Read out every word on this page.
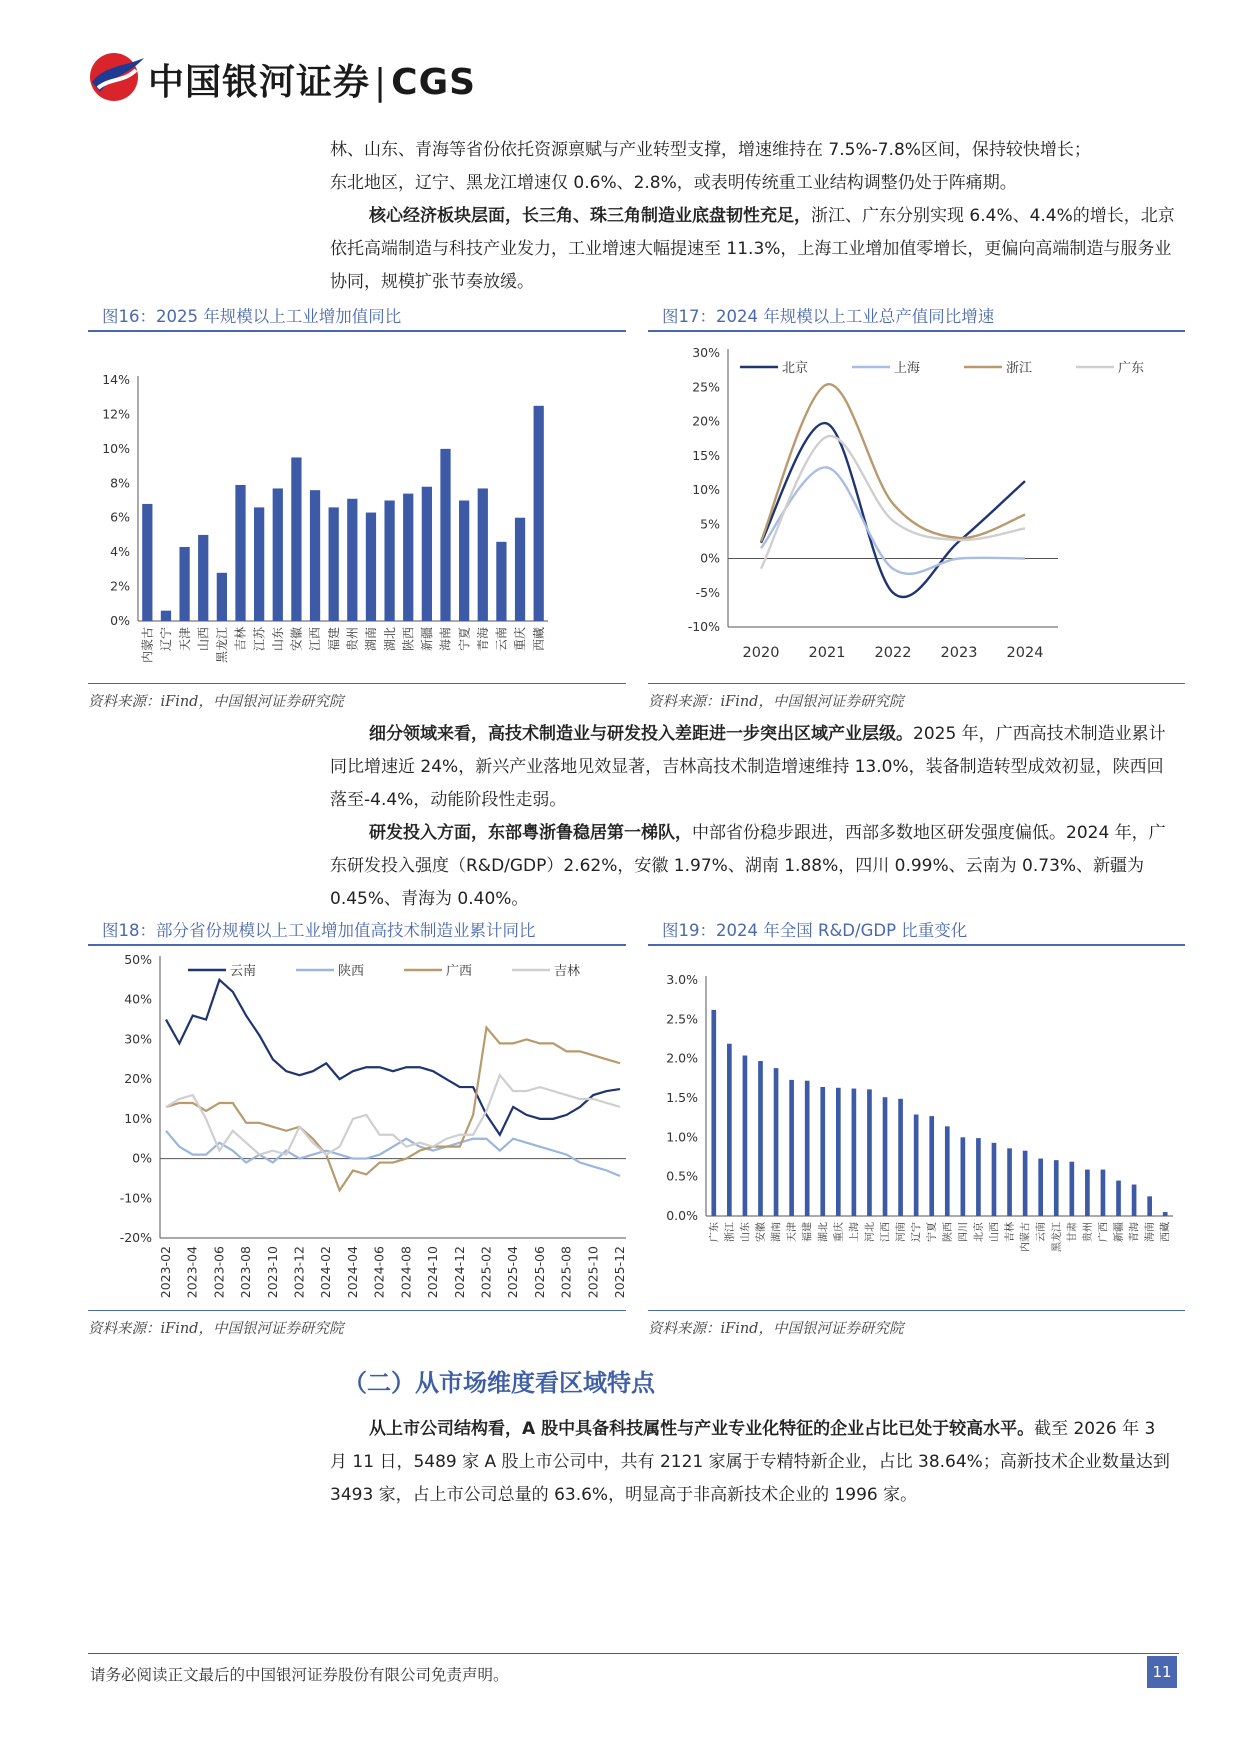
中国银河证券 | CGS

林、山东、青海等省份依托资源禀赋与产业转型支撑，增速维持在 7.5%-7.8%区间，保持较快增长；

东北地区，辽宁、黑龙江增速仅 0.6%、2.8%，或表明传统重工业结构调整仍处于阵痛期。

核心经济板块层面，长三角、珠三角制造业底盘韧性充足，浙江、广东分别实现 6.4%、4.4%的增长，北京依托高端制造与科技产业发力，工业增速大幅提速至 11.3%，上海工业增加值零增长，更偏向高端制造与服务业协同，规模扩张节奏放缓。

图16：2025 年规模以上工业增加值同比
0%
2%
4%
6%
8%
10%
12%
14%
内蒙古 辽宁 天津 山西 黑龙江 吉林 江苏 山东 安徽 江西 福建 贵州 湖南 湖北 陕西 新疆 海南 宁夏 青海 云南 重庆 西藏
资料来源：iFind，中国银河证券研究院
图17：2024 年规模以上工业总产值同比增速
-10%
-5%
0%
5%
10%
15%
20%
25%
30%
2020 2021 2022 2023 2024
北京	上海	浙江	广东
资料来源：iFind，中国银河证券研究院

细分领域来看，高技术制造业与研发投入差距进一步突出区域产业层级。2025 年，广西高技术制造业累计同比增速近 24%，新兴产业落地见效显著，吉林高技术制造增速维持 13.0%，装备制造转型成效初显，陕西回落至-4.4%，动能阶段性走弱。

研发投入方面，东部粤浙鲁稳居第一梯队，中部省份稳步跟进，西部多数地区研发强度偏低。2024 年，广东研发投入强度（R&D/GDP）2.62%，安徽 1.97%、湖南 1.88%，四川 0.99%、云南为 0.73%、新疆为 0.45%、青海为 0.40%。

图18：部分省份规模以上工业增加值高技术制造业累计同比
-20%
-10%
0%
10%
20%
30%
40%
50%
2023-02 2023-04 2023-06 2023-08 2023-10 2023-12 2024-02 2024-04 2024-06 2024-08 2024-10 2024-12 2025-02 2025-04 2025-06 2025-08 2025-10 2025-12
云南	陕西	广西	吉林
资料来源：iFind，中国银河证券研究院
图19：2024 年全国 R&D/GDP 比重变化
0.0%
0.5%
1.0%
1.5%
2.0%
2.5%
3.0%
广东 浙江 山东 安徽 湖南 天津 福建 湖北 重庆 上海 河北 江西 河南 辽宁 宁夏 陕西 四川 北京 山西 吉林 内蒙古 云南 黑龙江 甘肃 贵州 广西 新疆 青海 海南 西藏
资料来源：iFind，中国银河证券研究院
（二）从市场维度看区域特点

从上市公司结构看，A 股中具备科技属性与产业专业化特征的企业占比已处于较高水平。截至 2026 年 3 月 11 日，5489 家 A 股上市公司中，共有 2121 家属于专精特新企业，占比 38.64%；高新技术企业数量达到 3493 家，占上市公司总量的 63.6%，明显高于非高新技术企业的 1996 家。

请务必阅读正文最后的中国银河证券股份有限公司免责声明。	11
